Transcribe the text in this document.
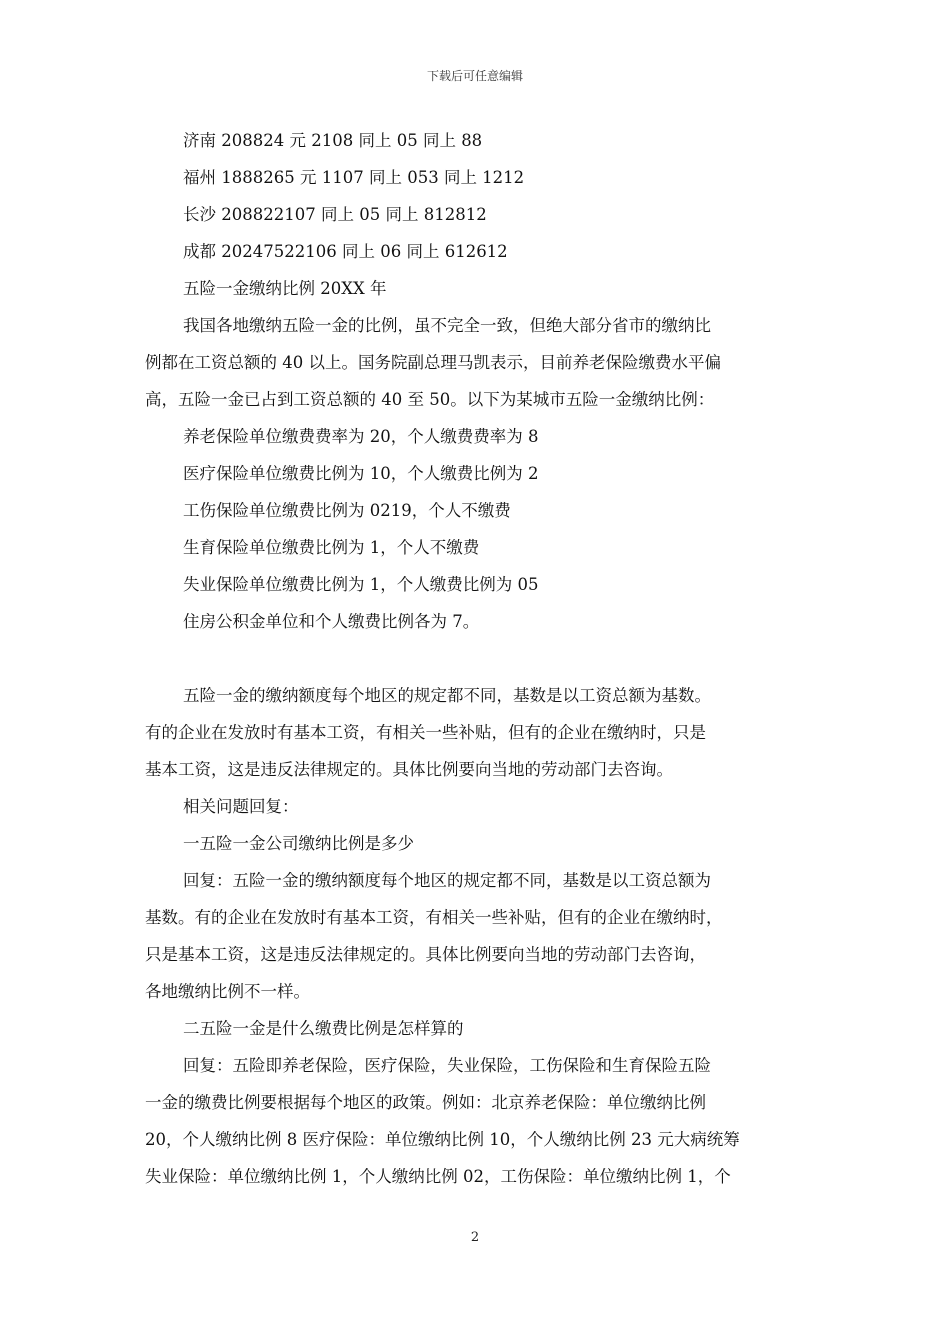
下载后可任意编辑
济南 208824 元 2108 同上 05 同上 88
福州 1888265 元 1107 同上 053 同上 1212
长沙 208822107 同上 05 同上 812812
成都 20247522106 同上 06 同上 612612
五险一金缴纳比例 20XX 年
我国各地缴纳五险一金的比例，虽不完全一致，但绝大部分省市的缴纳比
例都在工资总额的 40 以上。国务院副总理马凯表示，目前养老保险缴费水平偏
高，五险一金已占到工资总额的 40 至 50。以下为某城市五险一金缴纳比例：
养老保险单位缴费费率为 20，个人缴费费率为 8
医疗保险单位缴费比例为 10，个人缴费比例为 2
工伤保险单位缴费比例为 0219，个人不缴费
生育保险单位缴费比例为 1，个人不缴费
失业保险单位缴费比例为 1，个人缴费比例为 05
住房公积金单位和个人缴费比例各为 7。
五险一金的缴纳额度每个地区的规定都不同，基数是以工资总额为基数。
有的企业在发放时有基本工资，有相关一些补贴，但有的企业在缴纳时，只是
基本工资，这是违反法律规定的。具体比例要向当地的劳动部门去咨询。
相关问题回复：
一五险一金公司缴纳比例是多少
回复：五险一金的缴纳额度每个地区的规定都不同，基数是以工资总额为
基数。有的企业在发放时有基本工资，有相关一些补贴，但有的企业在缴纳时，
只是基本工资，这是违反法律规定的。具体比例要向当地的劳动部门去咨询，
各地缴纳比例不一样。
二五险一金是什么缴费比例是怎样算的
回复：五险即养老保险，医疗保险，失业保险，工伤保险和生育保险五险
一金的缴费比例要根据每个地区的政策。例如：北京养老保险：单位缴纳比例
20，个人缴纳比例 8 医疗保险：单位缴纳比例 10，个人缴纳比例 23 元大病统筹
失业保险：单位缴纳比例 1，个人缴纳比例 02，工伤保险：单位缴纳比例 1，个
2
